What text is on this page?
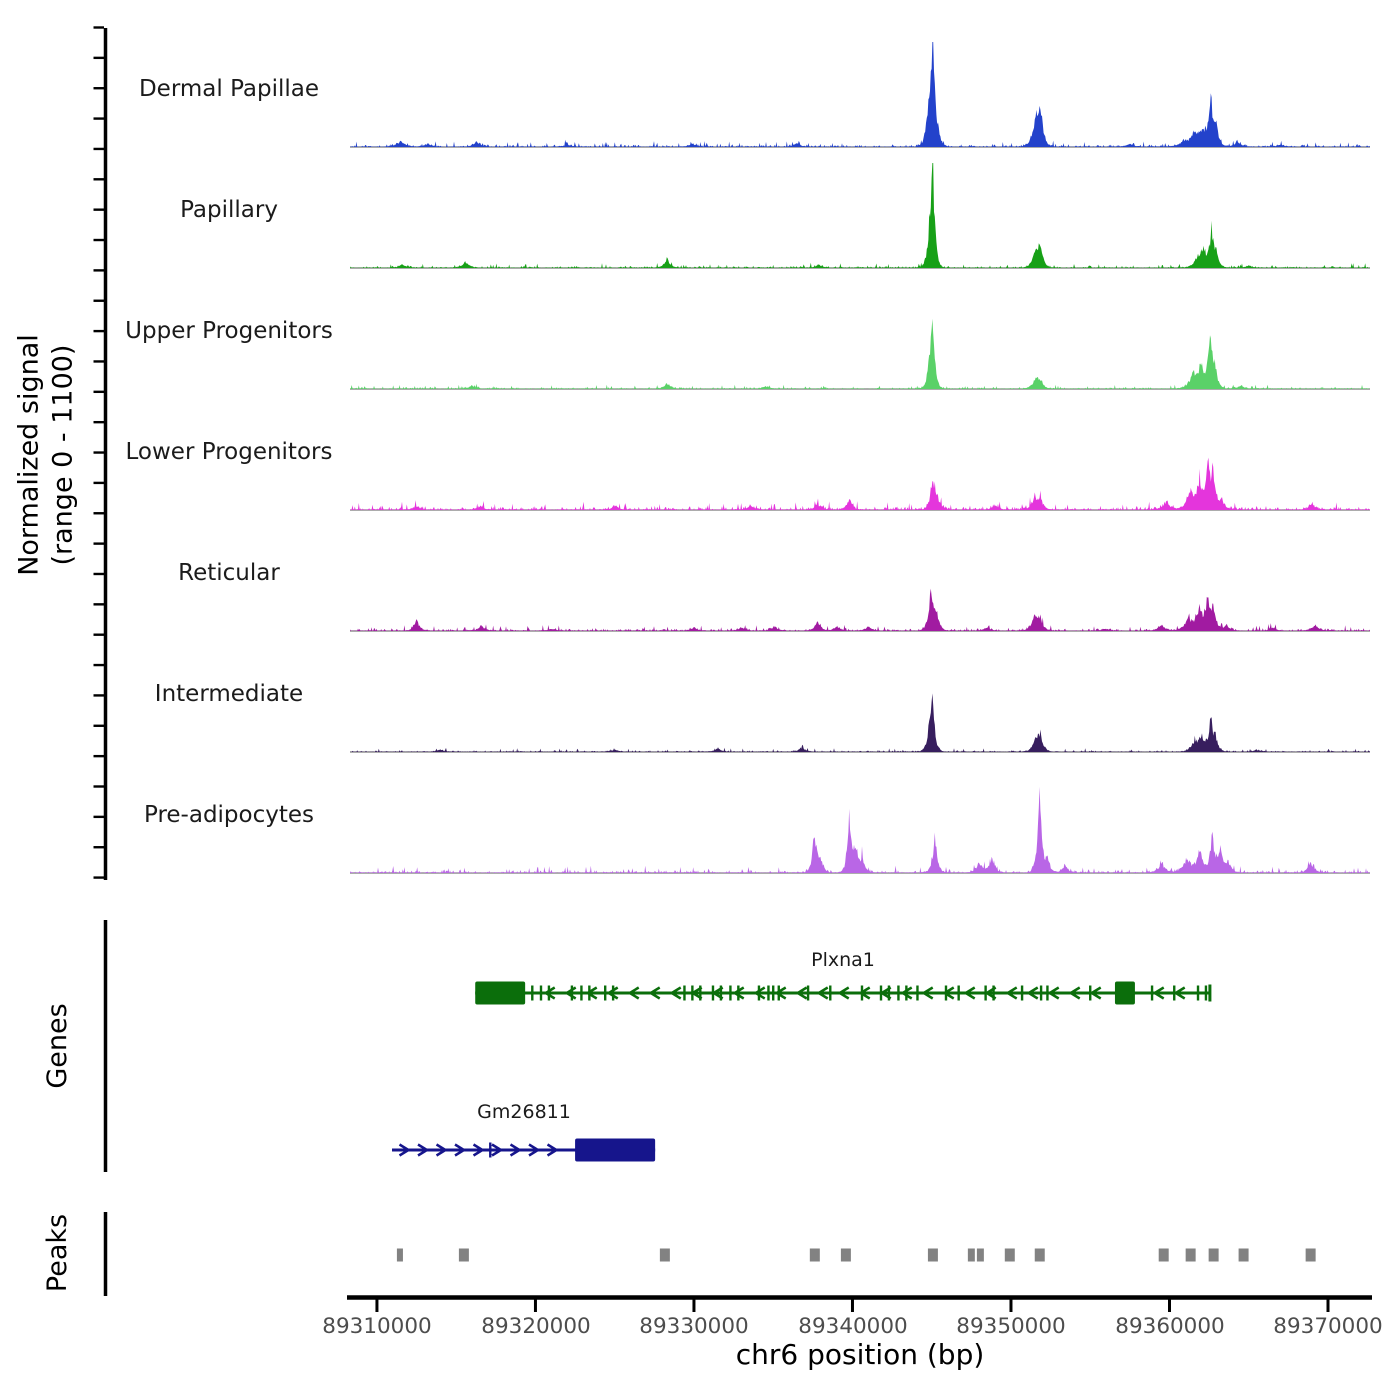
Normalized signal (range 0 - 1100)
Dermal Papillae
Papillary
Upper Progenitors
Lower Progenitors
Reticular
Intermediate
Pre-adipocytes
Genes
Peaks
Plxna1
Gm26811
89310000	89320000	89330000	89340000	89350000	89360000	89370000
chr6 position (bp)
